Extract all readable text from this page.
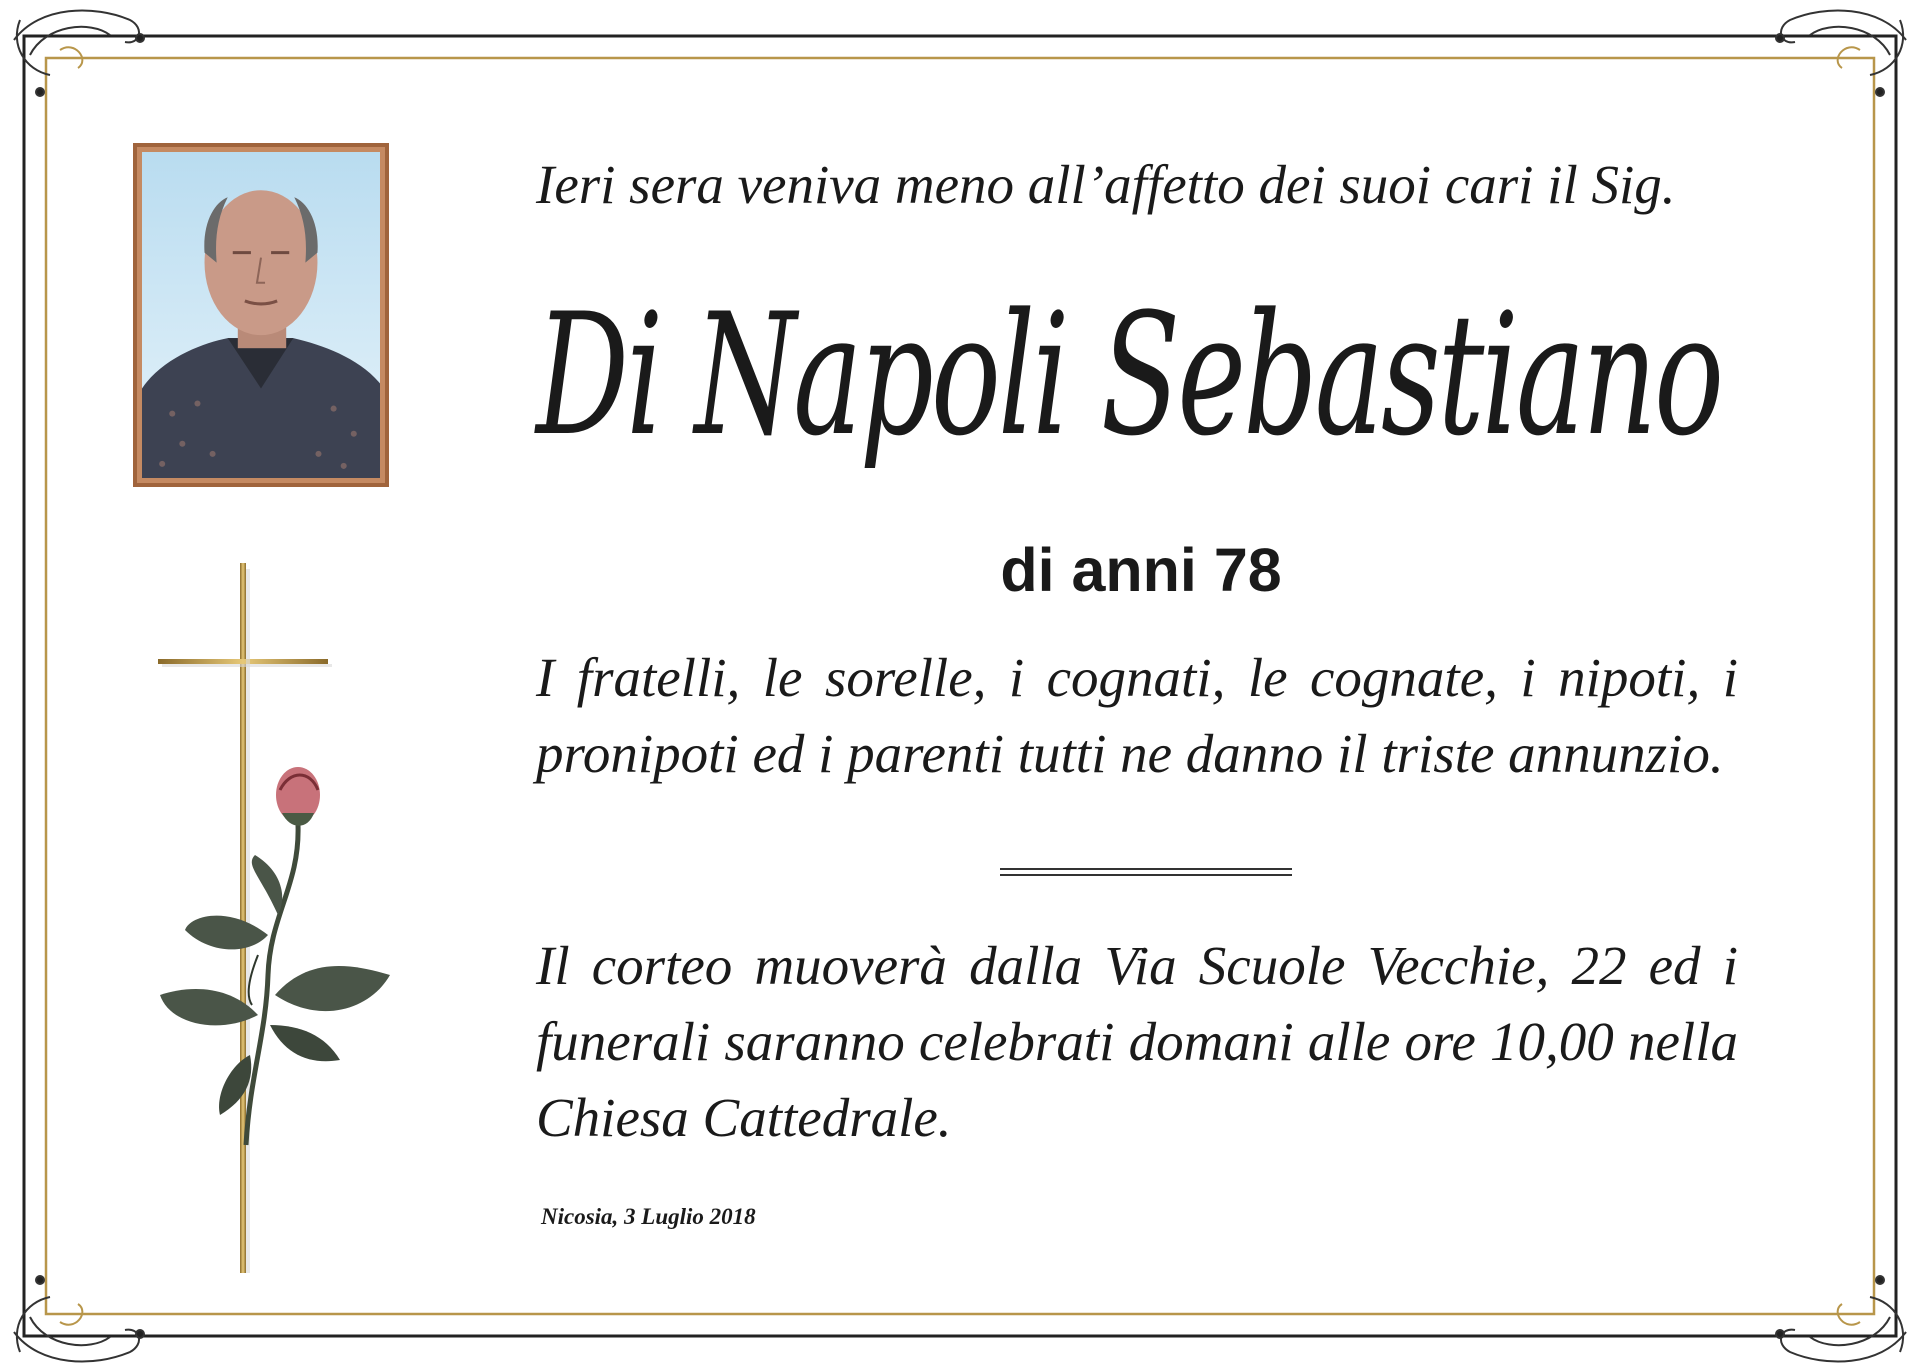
Ieri sera veniva meno all’affetto dei suoi cari il Sig.
Di Napoli Sebastiano
di anni 78
I fratelli, le sorelle, i cognati, le cognate, i nipoti, i pronipoti ed i parenti tutti ne danno il triste annunzio.
Il corteo muoverà dalla Via Scuole Vecchie, 22 ed i funerali saranno celebrati domani alle ore 10,00 nella Chiesa Cattedrale.
Nicosia, 3 Luglio 2018
